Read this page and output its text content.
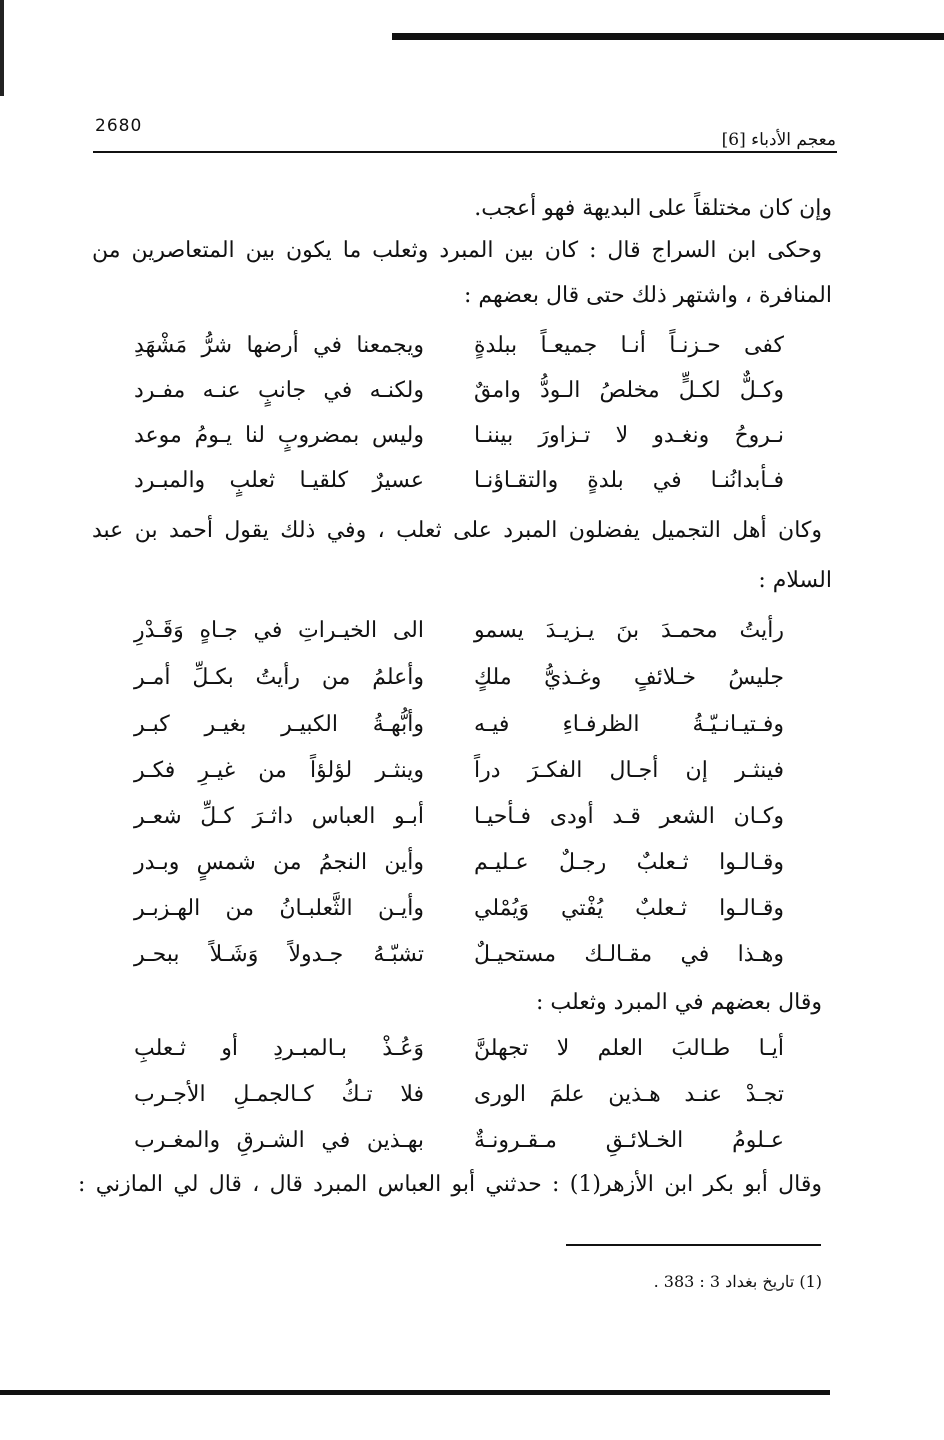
2680
معجم الأدباء [6]
وإن كان مختلقاً على البديهة فهو أعجب.
وحكى ابن السراج قال : كان بين المبرد وثعلب ما يكون بين المتعاصرين من
المنافرة ، واشتهر ذلك حتى قال بعضهم :
كفى حـزنـاً أنـا جميعـاً ببلدةٍ
ويجمعنا في أرضها شرُّ مَشْهَدِ
وكـلٌّ لكـلٍّ مخلصُ الـودُّ وامقٌ
ولكنـه في جانبٍ عنـه مفـرد
نـروحُ ونغـدو لا تـزاورَ بيننـا
وليس بمضروبٍ لنا يـومُ موعد
فـأبدانُنـا في بلدةٍ والتقـاؤنـا
عسيرٌ كلقيـا ثعلبٍ والمبـرد
وكان أهل التجميل يفضلون المبرد على ثعلب ، وفي ذلك يقول أحمد بن عبد
السلام :
رأيتُ محمـدَ بنَ يـزيـدَ يسمو
الى الخيـراتِ في جـاهٍ وَقَـدْرِ
جليسُ خـلائفٍ وغـذيُّ ملكٍ
وأعلمُ من رأيتُ بكـلِّ أمـر
وفـتيـانـيّـةُ الظرفـاءِ فيـه
وأبُّهـةُ الكبيـر بغيـر كبـر
فينثـر إن أجـال الفكـرَ دراً
وينثـر لؤلؤاً من غيـرِ فكـر
وكـان الشعر قـد أودى فـأحيـا
أبـو العباس داثـرَ كـلِّ شعـر
وقـالـوا ثـعلبٌ رجـلٌ عـليـم
وأين النجمُ من شمسٍ وبـدر
وقـالـوا ثـعلبٌ يُفْتي وَيُمْلي
وأيـن الثَّعلبـانُ من الهـزبـر
وهـذا في مقـالـك مستحيـلٌ
تشبّـهُ جـدولاً وَشَـلاً ببحـر
وقال بعضهم في المبرد وثعلب :
أيـا طـالبَ العلم لا تجهلنَّ
وَعُـذْ بـالمبـردِ أو ثـعلبِ
تجـدْ عنـد هـذين علمَ الورى
فلا تـكُ كـالجمـلِ الأجـرب
عـلومُ الخـلائـقِ مـقـرونـةٌ
بهـذين في الشـرقِ والمغـرب
وقال أبو بكر ابن الأزهر(1) : حدثني أبو العباس المبرد قال ، قال لي المازني :
(1) تاريخ بغداد 3 : 383 .
